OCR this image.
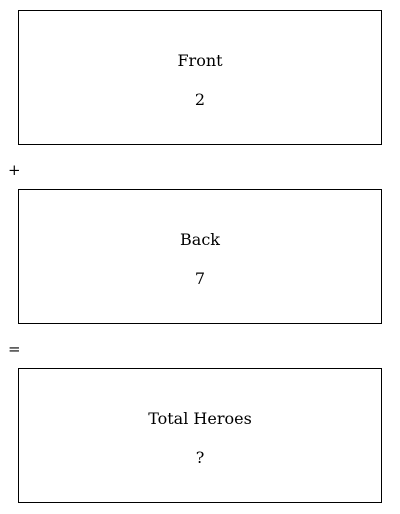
Front
2
+
Back
7
=
Total Heroes
?
